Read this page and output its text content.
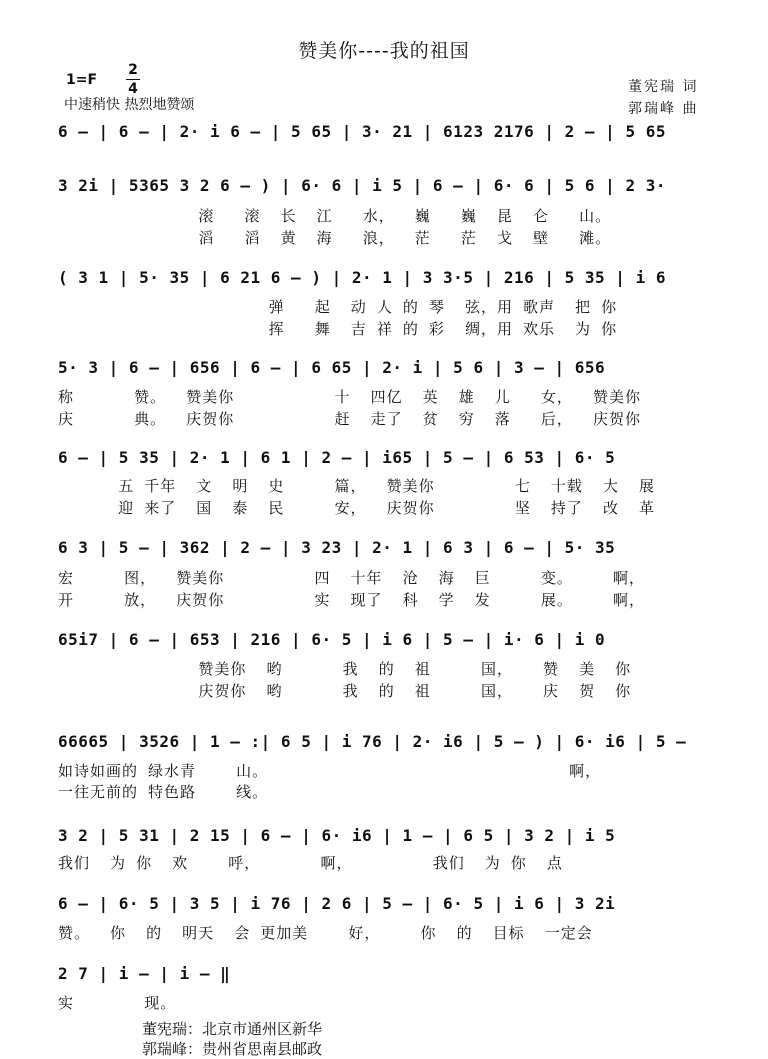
赞美你----我的祖国
1=F
2
4
中速稍快 热烈地赞颂
董宪瑞 词
郭瑞峰 曲
6 – | 6 – | 2· i 6 – | 5 65 | 3· 21 | 6123 2176 | 2 – | 5 65
3 2i | 5365 3 2 6 – ) | 6· 6 | i 5 | 6 – | 6· 6 | 5 6 | 2 3·
滚   滚  长  江   水，  巍   巍  昆  仑   山。
滔   滔  黄  海   浪，  茫   茫  戈  壁   滩。
( 3 1 | 5· 35 | 6 21 6 – ) | 2· 1 | 3 3·5 | 216 | 5 35 | i 6
弹   起  动 人 的 琴  弦，用 歌声  把 你
挥   舞  吉 祥 的 彩  绸，用 欢乐  为 你
5· 3 | 6 – | 656 | 6 – | 6 65 | 2· i | 5 6 | 3 – | 656
称      赞。  赞美你          十  四亿  英  雄  儿   女，  赞美你
庆      典。  庆贺你          赶  走了  贫  穷  落   后，  庆贺你
6 – | 5 35 | 2· 1 | 6 1 | 2 – | i65 | 5 – | 6 53 | 6· 5
五 千年  文  明  史     篇，  赞美你        七  十载  大  展
迎 来了  国  泰  民     安，  庆贺你        坚  持了  改  革
6 3 | 5 – | 362 | 2 – | 3 23 | 2· 1 | 6 3 | 6 – | 5· 35
宏     图，  赞美你         四  十年  沧  海  巨     变。    啊，
开     放，  庆贺你         实  现了  科  学  发     展。    啊，
65i7 | 6 – | 653 | 216 | 6· 5 | i 6 | 5 – | i· 6 | i 0
赞美你  哟      我  的  祖     国，   赞  美  你
庆贺你  哟      我  的  祖     国，   庆  贺  你
66665 | 3526 | 1 – :| 6 5 | i 76 | 2· i6 | 5 – ) | 6· i6 | 5 –
如诗如画的 绿水青    山。                              啊，
一往无前的 特色路    线。
3 2 | 5 31 | 2 15 | 6 – | 6· i6 | 1 – | 6 5 | 3 2 | i 5
我们  为 你  欢    呼，      啊，        我们  为 你  点
6 – | 6· 5 | 3 5 | i 76 | 2 6 | 5 – | 6· 5 | i 6 | 3 2i
赞。  你  的  明天  会 更加美    好，    你  的  目标  一定会
2 7 | i – | i – ‖
实       现。
董宪瑞：北京市通州区新华
郭瑞峰：贵州省思南县邮政
